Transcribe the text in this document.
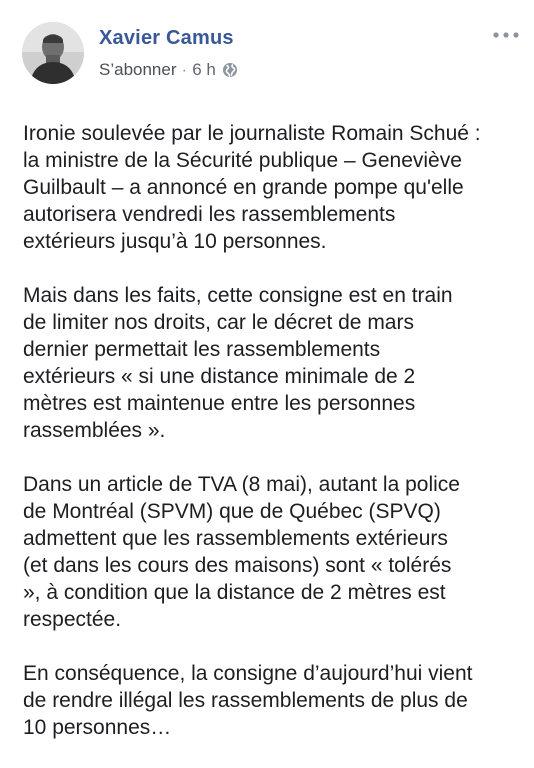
Xavier Camus
S’abonner · 6 h

Ironie soulevée par le journaliste Romain Schué :
la ministre de la Sécurité publique – Geneviève
Guilbault – a annoncé en grande pompe qu'elle
autorisera vendredi les rassemblements
extérieurs jusqu’à 10 personnes.

Mais dans les faits, cette consigne est en train
de limiter nos droits, car le décret de mars
dernier permettait les rassemblements
extérieurs « si une distance minimale de 2
mètres est maintenue entre les personnes
rassemblées ».

Dans un article de TVA (8 mai), autant la police
de Montréal (SPVM) que de Québec (SPVQ)
admettent que les rassemblements extérieurs
(et dans les cours des maisons) sont « tolérés
», à condition que la distance de 2 mètres est
respectée.

En conséquence, la consigne d’aujourd’hui vient
de rendre illégal les rassemblements de plus de
10 personnes…
